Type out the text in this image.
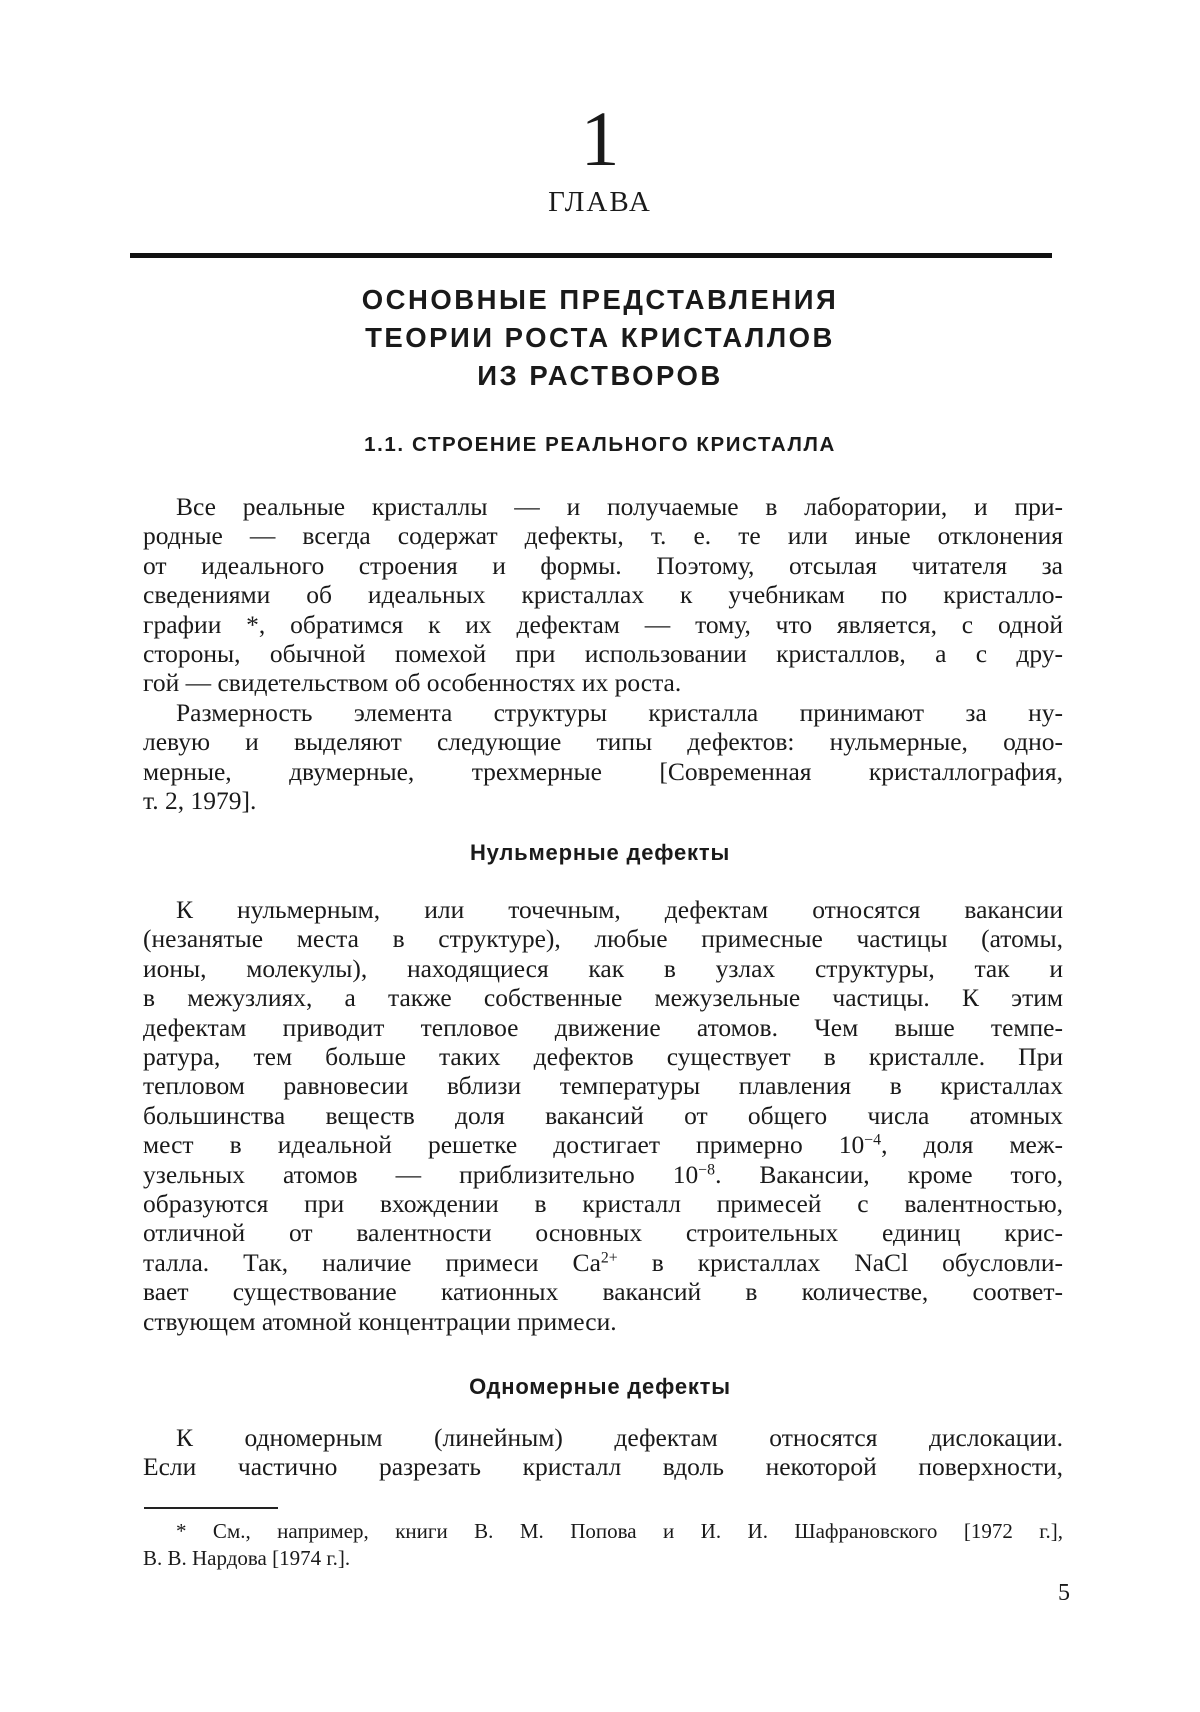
1
ГЛАВА
ОСНОВНЫЕ ПРЕДСТАВЛЕНИЯ
ТЕОРИИ РОСТА КРИСТАЛЛОВ
ИЗ РАСТВОРОВ
1.1. СТРОЕНИЕ РЕАЛЬНОГО КРИСТАЛЛА
Все реальные кристаллы — и получаемые в лаборатории, и при-
родные — всегда содержат дефекты, т. е. те или иные отклонения
от идеального строения и формы. Поэтому, отсылая читателя за
сведениями об идеальных кристаллах к учебникам по кристалло-
графии *, обратимся к их дефектам — тому, что является, с одной
стороны, обычной помехой при использовании кристаллов, а с дру-
гой — свидетельством об особенностях их роста.
Размерность элемента структуры кристалла принимают за ну-
левую и выделяют следующие типы дефектов: нульмерные, одно-
мерные, двумерные, трехмерные [Современная кристаллография,
т. 2, 1979].
Нульмерные дефекты
К нульмерным, или точечным, дефектам относятся вакансии
(незанятые места в структуре), любые примесные частицы (атомы,
ионы, молекулы), находящиеся как в узлах структуры, так и
в межузлиях, а также собственные межузельные частицы. К этим
дефектам приводит тепловое движение атомов. Чем выше темпе-
ратура, тем больше таких дефектов существует в кристалле. При
тепловом равновесии вблизи температуры плавления в кристаллах
большинства веществ доля вакансий от общего числа атомных
мест в идеальной решетке достигает примерно $10^{-4}$, доля меж-
узельных атомов — приблизительно $10^{-8}$. Вакансии, кроме того,
образуются при вхождении в кристалл примесей с валентностью,
отличной от валентности основных строительных единиц крис-
талла. Так, наличие примеси $Ca^{2+}$ в кристаллах NaCl обусловли-
вает существование катионных вакансий в количестве, соответ-
ствующем атомной концентрации примеси.
Одномерные дефекты
К одномерным (линейным) дефектам относятся дислокации.
Если частично разрезать кристалл вдоль некоторой поверхности,
* См., например, книги В. М. Попова и И. И. Шафрановского [1972 г.],
В. В. Нардова [1974 г.].
5
